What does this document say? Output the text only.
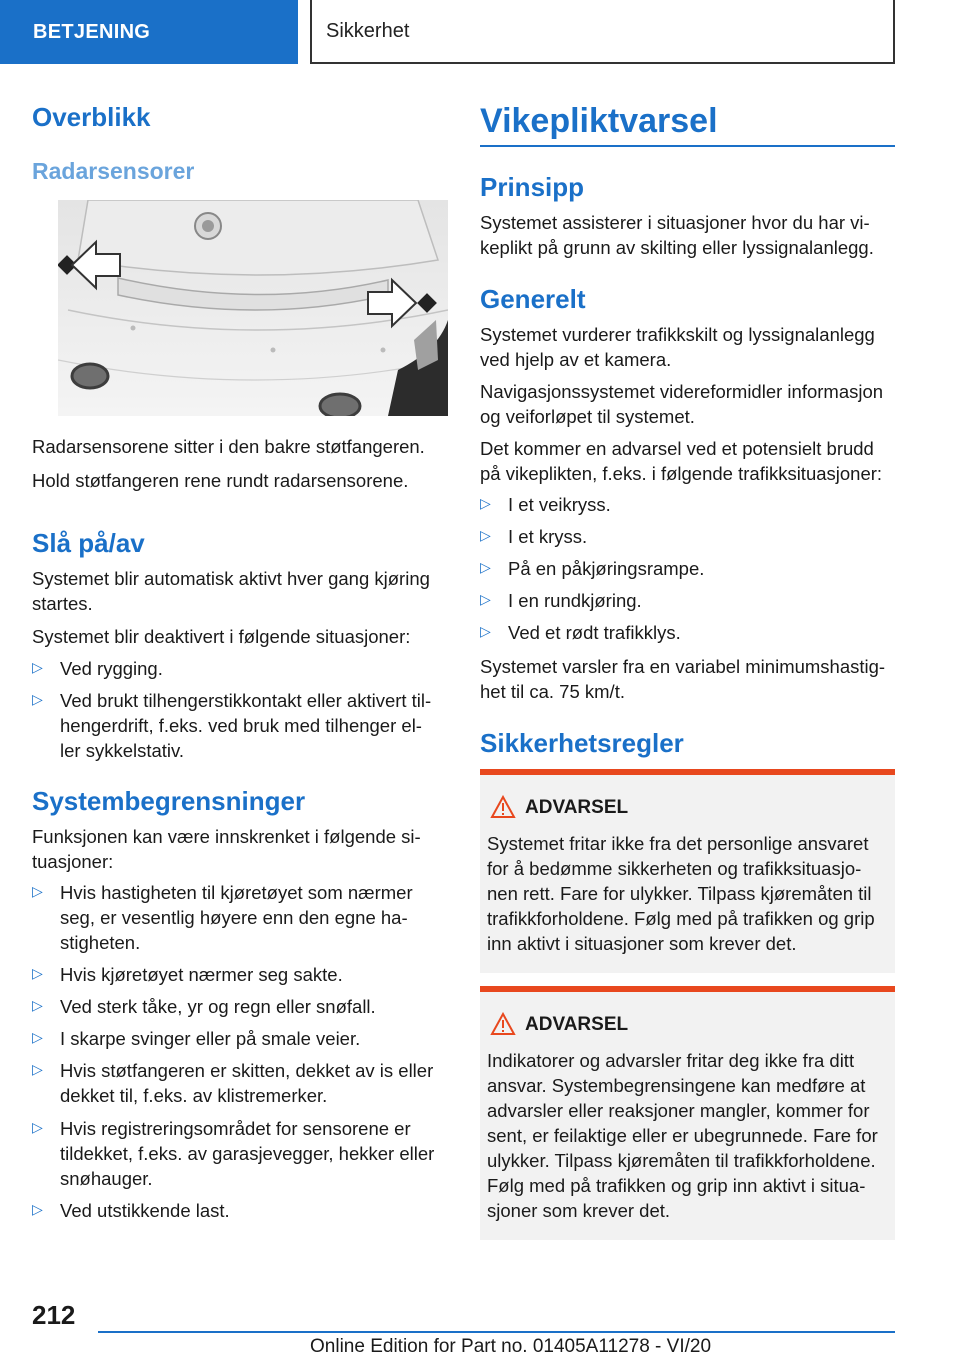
BETJENING	Sikkerhet
Overblikk
Radarsensorer
Radarsensorene sitter i den bakre støtfangeren.
Hold støtfangeren rene rundt radarsensorene.
Slå på/av
Systemet blir automatisk aktivt hver gang kjøring
startes.
Systemet blir deaktivert i følgende situasjoner:
▷ Ved rygging.
▷ Ved brukt tilhengerstikkontakt eller aktivert til-
hengerdrift, f.eks. ved bruk med tilhenger el-
ler sykkelstativ.
Systembegrensninger
Funksjonen kan være innskrenket i følgende si-
tuasjoner:
▷ Hvis hastigheten til kjøretøyet som nærmer
seg, er vesentlig høyere enn den egne ha-
stigheten.
▷ Hvis kjøretøyet nærmer seg sakte.
▷ Ved sterk tåke, yr og regn eller snøfall.
▷ I skarpe svinger eller på smale veier.
▷ Hvis støtfangeren er skitten, dekket av is eller
dekket til, f.eks. av klistremerker.
▷ Hvis registreringsområdet for sensorene er
tildekket, f.eks. av garasjevegger, hekker eller
snøhauger.
▷ Ved utstikkende last.
Vikepliktvarsel
Prinsipp
Systemet assisterer i situasjoner hvor du har vi-
keplikt på grunn av skilting eller lyssignalanlegg.
Generelt
Systemet vurderer trafikkskilt og lyssignalanlegg
ved hjelp av et kamera.
Navigasjonssystemet videreformidler informasjon
og veiforløpet til systemet.
Det kommer en advarsel ved et potensielt brudd
på vikeplikten, f.eks. i følgende trafikksituasjoner:
▷ I et veikryss.
▷ I et kryss.
▷ På en påkjøringsrampe.
▷ I en rundkjøring.
▷ Ved et rødt trafikklys.
Systemet varsler fra en variabel minimumshastig-
het til ca. 75 km/t.
Sikkerhetsregler
ADVARSEL
Systemet fritar ikke fra det personlige ansvaret
for å bedømme sikkerheten og trafikksituasjo-
nen rett. Fare for ulykker. Tilpass kjøremåten til
trafikkforholdene. Følg med på trafikken og grip
inn aktivt i situasjoner som krever det.
ADVARSEL
Indikatorer og advarsler fritar deg ikke fra ditt
ansvar. Systembegrensingene kan medføre at
advarsler eller reaksjoner mangler, kommer for
sent, er feilaktige eller er ubegrunnede. Fare for
ulykker. Tilpass kjøremåten til trafikkforholdene.
Følg med på trafikken og grip inn aktivt i situa-
sjoner som krever det.
212
Online Edition for Part no. 01405A11278 - VI/20
